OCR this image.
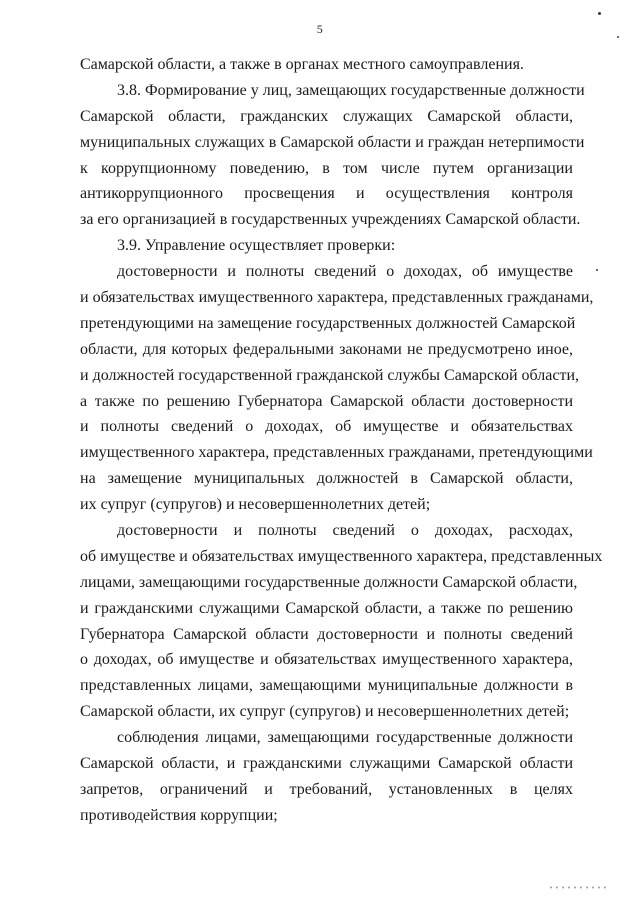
5
Самарской области, а также в органах местного самоуправления.
3.8. Формирование у лиц, замещающих государственные должности
Самарской области, гражданских служащих Самарской области,
муниципальных служащих в Самарской области и граждан нетерпимости
к коррупционному поведению, в том числе путем организации
антикоррупционного просвещения и осуществления контроля
за его организацией в государственных учреждениях Самарской области.
3.9. Управление осуществляет проверки:
достоверности и полноты сведений о доходах, об имуществе
и обязательствах имущественного характера, представленных гражданами,
претендующими на замещение государственных должностей Самарской
области, для которых федеральными законами не предусмотрено иное,
и должностей государственной гражданской службы Самарской области,
а также по решению Губернатора Самарской области достоверности
и полноты сведений о доходах, об имуществе и обязательствах
имущественного характера, представленных гражданами, претендующими
на замещение муниципальных должностей в Самарской области,
их супруг (супругов) и несовершеннолетних детей;
достоверности и полноты сведений о доходах, расходах,
об имуществе и обязательствах имущественного характера, представленных
лицами, замещающими государственные должности Самарской области,
и гражданскими служащими Самарской области, а также по решению
Губернатора Самарской области достоверности и полноты сведений
о доходах, об имуществе и обязательствах имущественного характера,
представленных лицами, замещающими муниципальные должности в
Самарской области, их супруг (супругов) и несовершеннолетних детей;
соблюдения лицами, замещающими государственные должности
Самарской области, и гражданскими служащими Самарской области
запретов, ограничений и требований, установленных в целях
противодействия коррупции;
